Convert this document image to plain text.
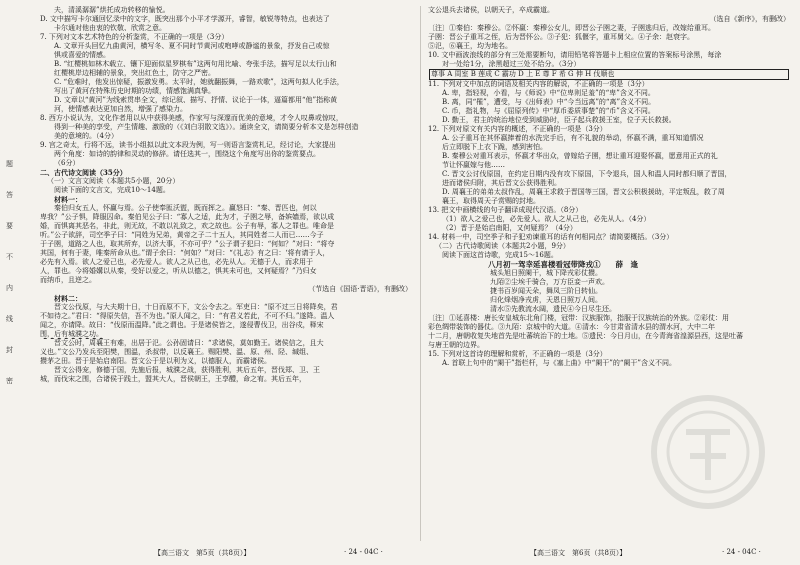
题
答
要
不
内
线
封
密
夫，清溪潺潺”烘托成功转移的愉悦。
D. 文中描写卡尔通回忆录中的文字，既突出那个小平才学源开，睿智，敏锐等特点，也表达了
卡尔通对他由衷的钦敬、欣赏之意。
7. 下列对文本艺术特色的分析鉴赏，不正确的一项是（3分）
A. 文章开头回忆九曲黄河，横写冬、夏不同时节黄河或咆哮或静谧的景象，抒发自己或惊
惧或喜爱的情感。
B. “红樱桃如林木载立、镶下迎面似星罗棋布”这两句用比喻、夸张手法，描写足以太行山和
红樱桃岸边相辅的景象，突出红色土，防守之严密。
C. “危难时，他发出惊疑，振激发勇。太平时，她就翻振舞，一路欢歌”，这两句拟人化手法，
写出了黄河在特殊历史时期的功绩，情感饱满真挚。
D. 文章以“黄河”为线索贯串全文，综记叙、描写、抒情、议论于一体，逼篇都用“他”指称黄
河，使情感表达更加自然，增强了感染力。
8. 西方小说认为，文化作者用以从中获得美感，作家写与深邃而优美的意境，才令人叹鼻或惊叹，
得到一种美的享受，产生情趣、激励的（《刘白羽散文选》）。通读全文，请简要分析本文是怎样创造
美的意境的。（4分）
9. 宫之奇太，行将不远，读书小组拟以此文本段为例，写一则语言鉴赏札记，经讨论，大家提出
两个角度：如诗的韵律和灵动的修辞。请任选其一，围绕这个角度写出你的鉴赏要点。
（6分）
二、古代诗文阅读（35分）
（一）文言文阅读（本题共5小题，20分）
阅读下面的文言文，完成10～14题。
材料一：
秦伯归女五人，怀赢与焉。公子使奉匜沃盥，既而挥之。赢怒曰：“秦、晋匹也，何以
卑我？”公子惧，降服囚命。秦伯见公子曰：“寡人之适，此为才，子圉之辱，备嫔嫱焉，欲以成
婚，而惧离其恶名，非此，则无故，不敢以礼致之，欢之故也。公子有辱，寡人之罪也。唯命是
听。”公子欲辞，司空季子曰：“同姓为兄弟，黄帝之子二十五人，其同姓者二人而已……今子
于子圉，道路之人也，取其所弃，以济大事，不亦可乎？”公子谓子犯曰：“何如？”对曰：“将夺
其国，何有于妻，唯秦所命从也。”谓子余曰：“何如？”对曰：“《礼志》有之曰：‘将有请于人，
必先有入焉。欲人之爱己也，必先爱人。欲人之从己也，必先从人。无德于人，而求用于
人，罪也。今将婚媾以从秦，受好以爱之，听从以德之，惧其未可也，又何疑焉？”乃归女
而纳币，且逆之。
（节选自《国语·晋语》，有删改）
材料二：
晋文公伐原，与大夫期十日，十日而原不下，文公令去之。军吏曰：“原不过三日将降矣，君
不如待之。”君曰：“得原失信，吾不为也。”原人闻之，曰：“有君义若此，不可不归。”遂降。温人
闻之，亦请降。故曰：“伐原而温降。”此之谓也。于是诸侯皆之，遂侵曹伐卫，出谷戍，释宋
围，后有城濮之功。
晋文公时，周襄王有难，出居于氾。公孙固请曰：“求诸侯，莫如勤王。诸侯信之，且大
义也。”文公乃发兵至阳樊，围温，杀叔带，以反襄王。赐阳樊、温、原、州、陉、缄组、
攒茅之田。晋于是始启南阳。晋文公于是以利为义，以德服人，而霸诸侯。
晋文公得宠，修德于国，先施后报，城濮之战，获得胜利，其后五年，晋伐郑、卫、王
城，而伐宋之围，合诸侯于践土，盟其大人，晋侯朝王，王享醴，命之宥。其后五年，
文公退兵去诸侯，以朝天子，卒成霸道。
（选自《新序》，有删改）
〔注〕①秦伯：秦穆公。②怀嬴：秦穆公女儿，即晋公子圉之妻，子圉逃归后，改嫁给重耳。
子圉：晋公子重耳之侄，后为晋怀公。③子犯：狐偃字，重耳舅父。④子余：赵衰字。
⑤氾，⑥襄王，均为地名。
10. 文中画波浪线的部分有三处需要断句，请用铅笔将答题卡上相应位置的答案标号涂黑，每涂
对一处给1分，涂黑超过三处不给分。（3分）
尊事 A 周室 B 莲成 C 霸功 D 上 E 尊 F 希 G 伸 H 伐顺也
11. 下列对文中加点的词语及相关内容的解说，不正确的一项是（3分）
A. 卑，指轻视，小看，与《师说》中“位卑则足羞”的“卑”含义不同。
B. 离，同“罹”，遭受，与《出师表》中“今当远离”的“离”含义不同。
C. 币，指礼物，与《屈原列传》中“厚币委质事楚”的“币”含义不同。
D. 勤王，君主的统治地位受到威胁时，臣子起兵救援王室，位子天长救援。
12. 下列对原文有关内容的概述，不正确的一项是（3分）
A. 公子重耳在其怀嬴捧着的水洗完手后，有不礼貌的举动，怀嬴不满，重耳知道情况
后立即脱下上衣下跪，感到害怕。
B. 秦穆公对重耳表示，怀嬴才华出众，曾嫁给子圉，想让重耳迎娶怀嬴，愿意用正式的礼
节让怀嬴嫁与他……
C. 晋文公讨伐原国，在约定日期内没有攻下原国，下令退兵，国人和温人同时都归顺了晋国，
进而诸侯归附，其后晋文公获得胜利。
D. 周襄王的弟弟太叔作乱，周襄王求救于晋国等三国，晋文公积极援助，平定叛乱，救了周
襄王，取得周天子赏赐的封地。
13. 把文中画横线的句子翻译成现代汉语。（8分）
（1）欲人之爱己也，必先爱人。欲人之从己也，必先从人。（4分）
（2）晋于是始启南阳，又何疑焉？（4分）
14. 材料一中，司空季子和子犯劝谏重耳的话有何相同点？请简要概括。（3分）
（二）古代诗歌阅读（本题共2小题，9分）
阅读下面这首诗歌，完成15～16题。
八月初一驾幸延喜楼看冠带降戎①　　薛　逢
城头旭日照阑干，城下降戎彩仗攒。
九陌②尘埃千骑合，万方臣妾一声欢。
捷书百岁闻天朵，舞凤三阶日转仙。
归化烽烟净戎虏，天恩日照万人间。
清水⑤先教流水阔，遗民④今日尽生还。
〔注〕①延喜楼：唐长安皇城东北角门楼，冠带：汉族服饰，指服于汉族统治的外族。②彩仗：用
彩色绸带装饰的器仗。③九陌：京城中的大道。④清水：今甘肃省清水县的渭水河，大中二年
十二月，唐朝收复失地首先是吐蕃统治下的土地。⑤遗民：今日月山，在今青海省湟源县西，这是吐蕃
与唐王朝的边界。
15. 下列对这首诗的理解和赏析，不正确的一项是（3分）
A. 首联上句中的“阑干”指栏杆，与《塞上曲》中“阑干”的“阑干”含义不同。
【高三语文　第5页（共8页）】	· 24 - 04C ·	【高三语文　第6页（共8页）】	· 24 - 04C ·
